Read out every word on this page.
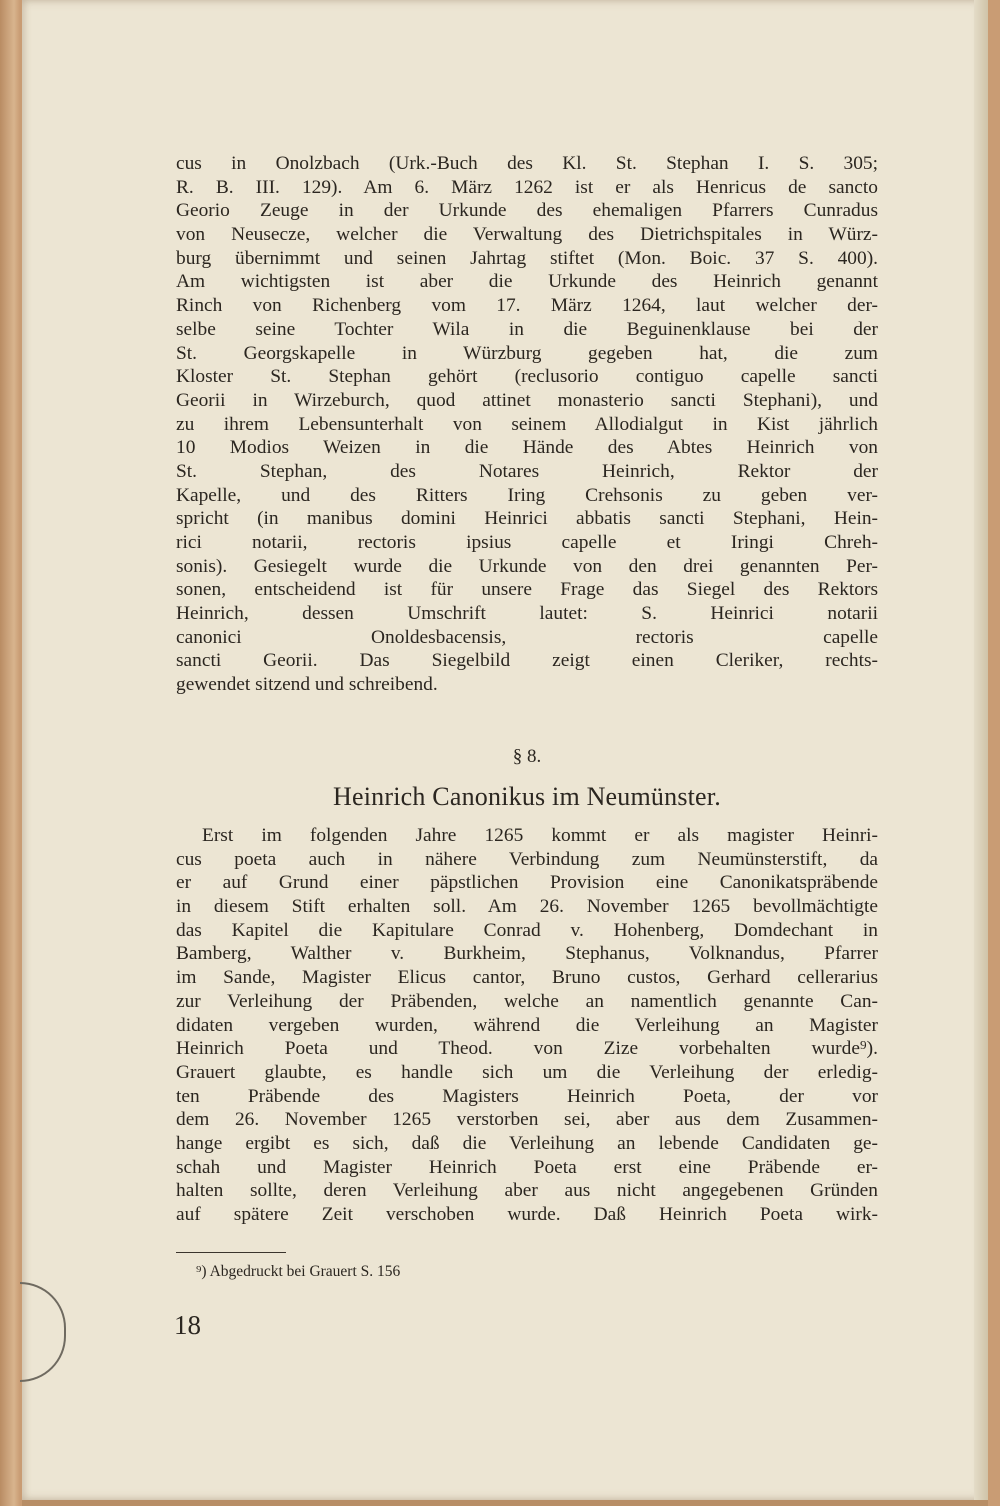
cus in Onolzbach (Urk.-Buch des Kl. St. Stephan I. S. 305;
R. B. III. 129). Am 6. März 1262 ist er als Henricus de sancto
Georio Zeuge in der Urkunde des ehemaligen Pfarrers Cunradus
von Neusecze, welcher die Verwaltung des Dietrichspitales in Würz-
burg übernimmt und seinen Jahrtag stiftet (Mon. Boic. 37 S. 400).
Am wichtigsten ist aber die Urkunde des Heinrich genannt
Rinch von Richenberg vom 17. März 1264, laut welcher der-
selbe seine Tochter Wila in die Beguinenklause bei der
St. Georgskapelle in Würzburg gegeben hat, die zum
Kloster St. Stephan gehört (reclusorio contiguo capelle sancti
Georii in Wirzeburch, quod attinet monasterio sancti Stephani), und
zu ihrem Lebensunterhalt von seinem Allodialgut in Kist jährlich
10 Modios Weizen in die Hände des Abtes Heinrich von
St. Stephan, des Notares Heinrich, Rektor der
Kapelle, und des Ritters Iring Crehsonis zu geben ver-
spricht (in manibus domini Heinrici abbatis sancti Stephani, Hein-
rici notarii, rectoris ipsius capelle et Iringi Chreh-
sonis). Gesiegelt wurde die Urkunde von den drei genannten Per-
sonen, entscheidend ist für unsere Frage das Siegel des Rektors
Heinrich, dessen Umschrift lautet: S. Heinrici notarii
canonici Onoldesbacensis, rectoris capelle
sancti Georii. Das Siegelbild zeigt einen Cleriker, rechts-
gewendet sitzend und schreibend.
§ 8.
Heinrich Canonikus im Neumünster.
Erst im folgenden Jahre 1265 kommt er als magister Heinri-
cus poeta auch in nähere Verbindung zum Neumünsterstift, da
er auf Grund einer päpstlichen Provision eine Canonikatspräbende
in diesem Stift erhalten soll. Am 26. November 1265 bevollmächtigte
das Kapitel die Kapitulare Conrad v. Hohenberg, Domdechant in
Bamberg, Walther v. Burkheim, Stephanus, Volknandus, Pfarrer
im Sande, Magister Elicus cantor, Bruno custos, Gerhard cellerarius
zur Verleihung der Präbenden, welche an namentlich genannte Can-
didaten vergeben wurden, während die Verleihung an Magister
Heinrich Poeta und Theod. von Zize vorbehalten wurde⁹).
Grauert glaubte, es handle sich um die Verleihung der erledig-
ten Präbende des Magisters Heinrich Poeta, der vor
dem 26. November 1265 verstorben sei, aber aus dem Zusammen-
hange ergibt es sich, daß die Verleihung an lebende Candidaten ge-
schah und Magister Heinrich Poeta erst eine Präbende er-
halten sollte, deren Verleihung aber aus nicht angegebenen Gründen
auf spätere Zeit verschoben wurde. Daß Heinrich Poeta wirk-
⁹) Abgedruckt bei Grauert S. 156
18
